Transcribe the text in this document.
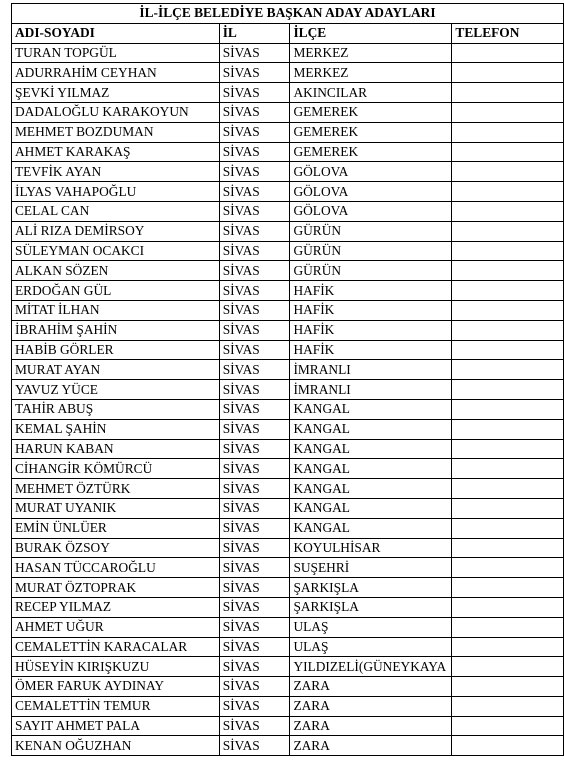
İL-İLÇE BELEDİYE BAŞKAN ADAY ADAYLARI			
ADI-SOYADI	İL	İLÇE	TELEFON
TURAN TOPGÜL	SİVAS	MERKEZ	
ADURRAHİM CEYHAN	SİVAS	MERKEZ	
ŞEVKİ YILMAZ	SİVAS	AKINCILAR	
DADALOĞLU KARAKOYUN	SİVAS	GEMEREK	
MEHMET BOZDUMAN	SİVAS	GEMEREK	
AHMET KARAKAŞ	SİVAS	GEMEREK	
TEVFİK AYAN	SİVAS	GÖLOVA	
İLYAS VAHAPOĞLU	SİVAS	GÖLOVA	
CELAL CAN	SİVAS	GÖLOVA	
ALİ RIZA DEMİRSOY	SİVAS	GÜRÜN	
SÜLEYMAN OCAKCI	SİVAS	GÜRÜN	
ALKAN SÖZEN	SİVAS	GÜRÜN	
ERDOĞAN GÜL	SİVAS	HAFİK	
MİTAT İLHAN	SİVAS	HAFİK	
İBRAHİM ŞAHİN	SİVAS	HAFİK	
HABİB GÖRLER	SİVAS	HAFİK	
MURAT AYAN	SİVAS	İMRANLI	
YAVUZ YÜCE	SİVAS	İMRANLI	
TAHİR ABUŞ	SİVAS	KANGAL	
KEMAL ŞAHİN	SİVAS	KANGAL	
HARUN KABAN	SİVAS	KANGAL	
CİHANGİR KÖMÜRCÜ	SİVAS	KANGAL	
MEHMET ÖZTÜRK	SİVAS	KANGAL	
MURAT UYANIK	SİVAS	KANGAL	
EMİN ÜNLÜER	SİVAS	KANGAL	
BURAK ÖZSOY	SİVAS	KOYULHİSAR	
HASAN TÜCCAROĞLU	SİVAS	SUŞEHRİ	
MURAT ÖZTOPRAK	SİVAS	ŞARKIŞLA	
RECEP YILMAZ	SİVAS	ŞARKIŞLA	
AHMET UĞUR	SİVAS	ULAŞ	
CEMALETTİN KARACALAR	SİVAS	ULAŞ	
HÜSEYİN KIRIŞKUZU	SİVAS	YILDIZELİ(GÜNEYKAYA	
ÖMER FARUK AYDINAY	SİVAS	ZARA	
CEMALETTİN TEMUR	SİVAS	ZARA	
SAYIT AHMET PALA	SİVAS	ZARA	
KENAN OĞUZHAN	SİVAS	ZARA	
